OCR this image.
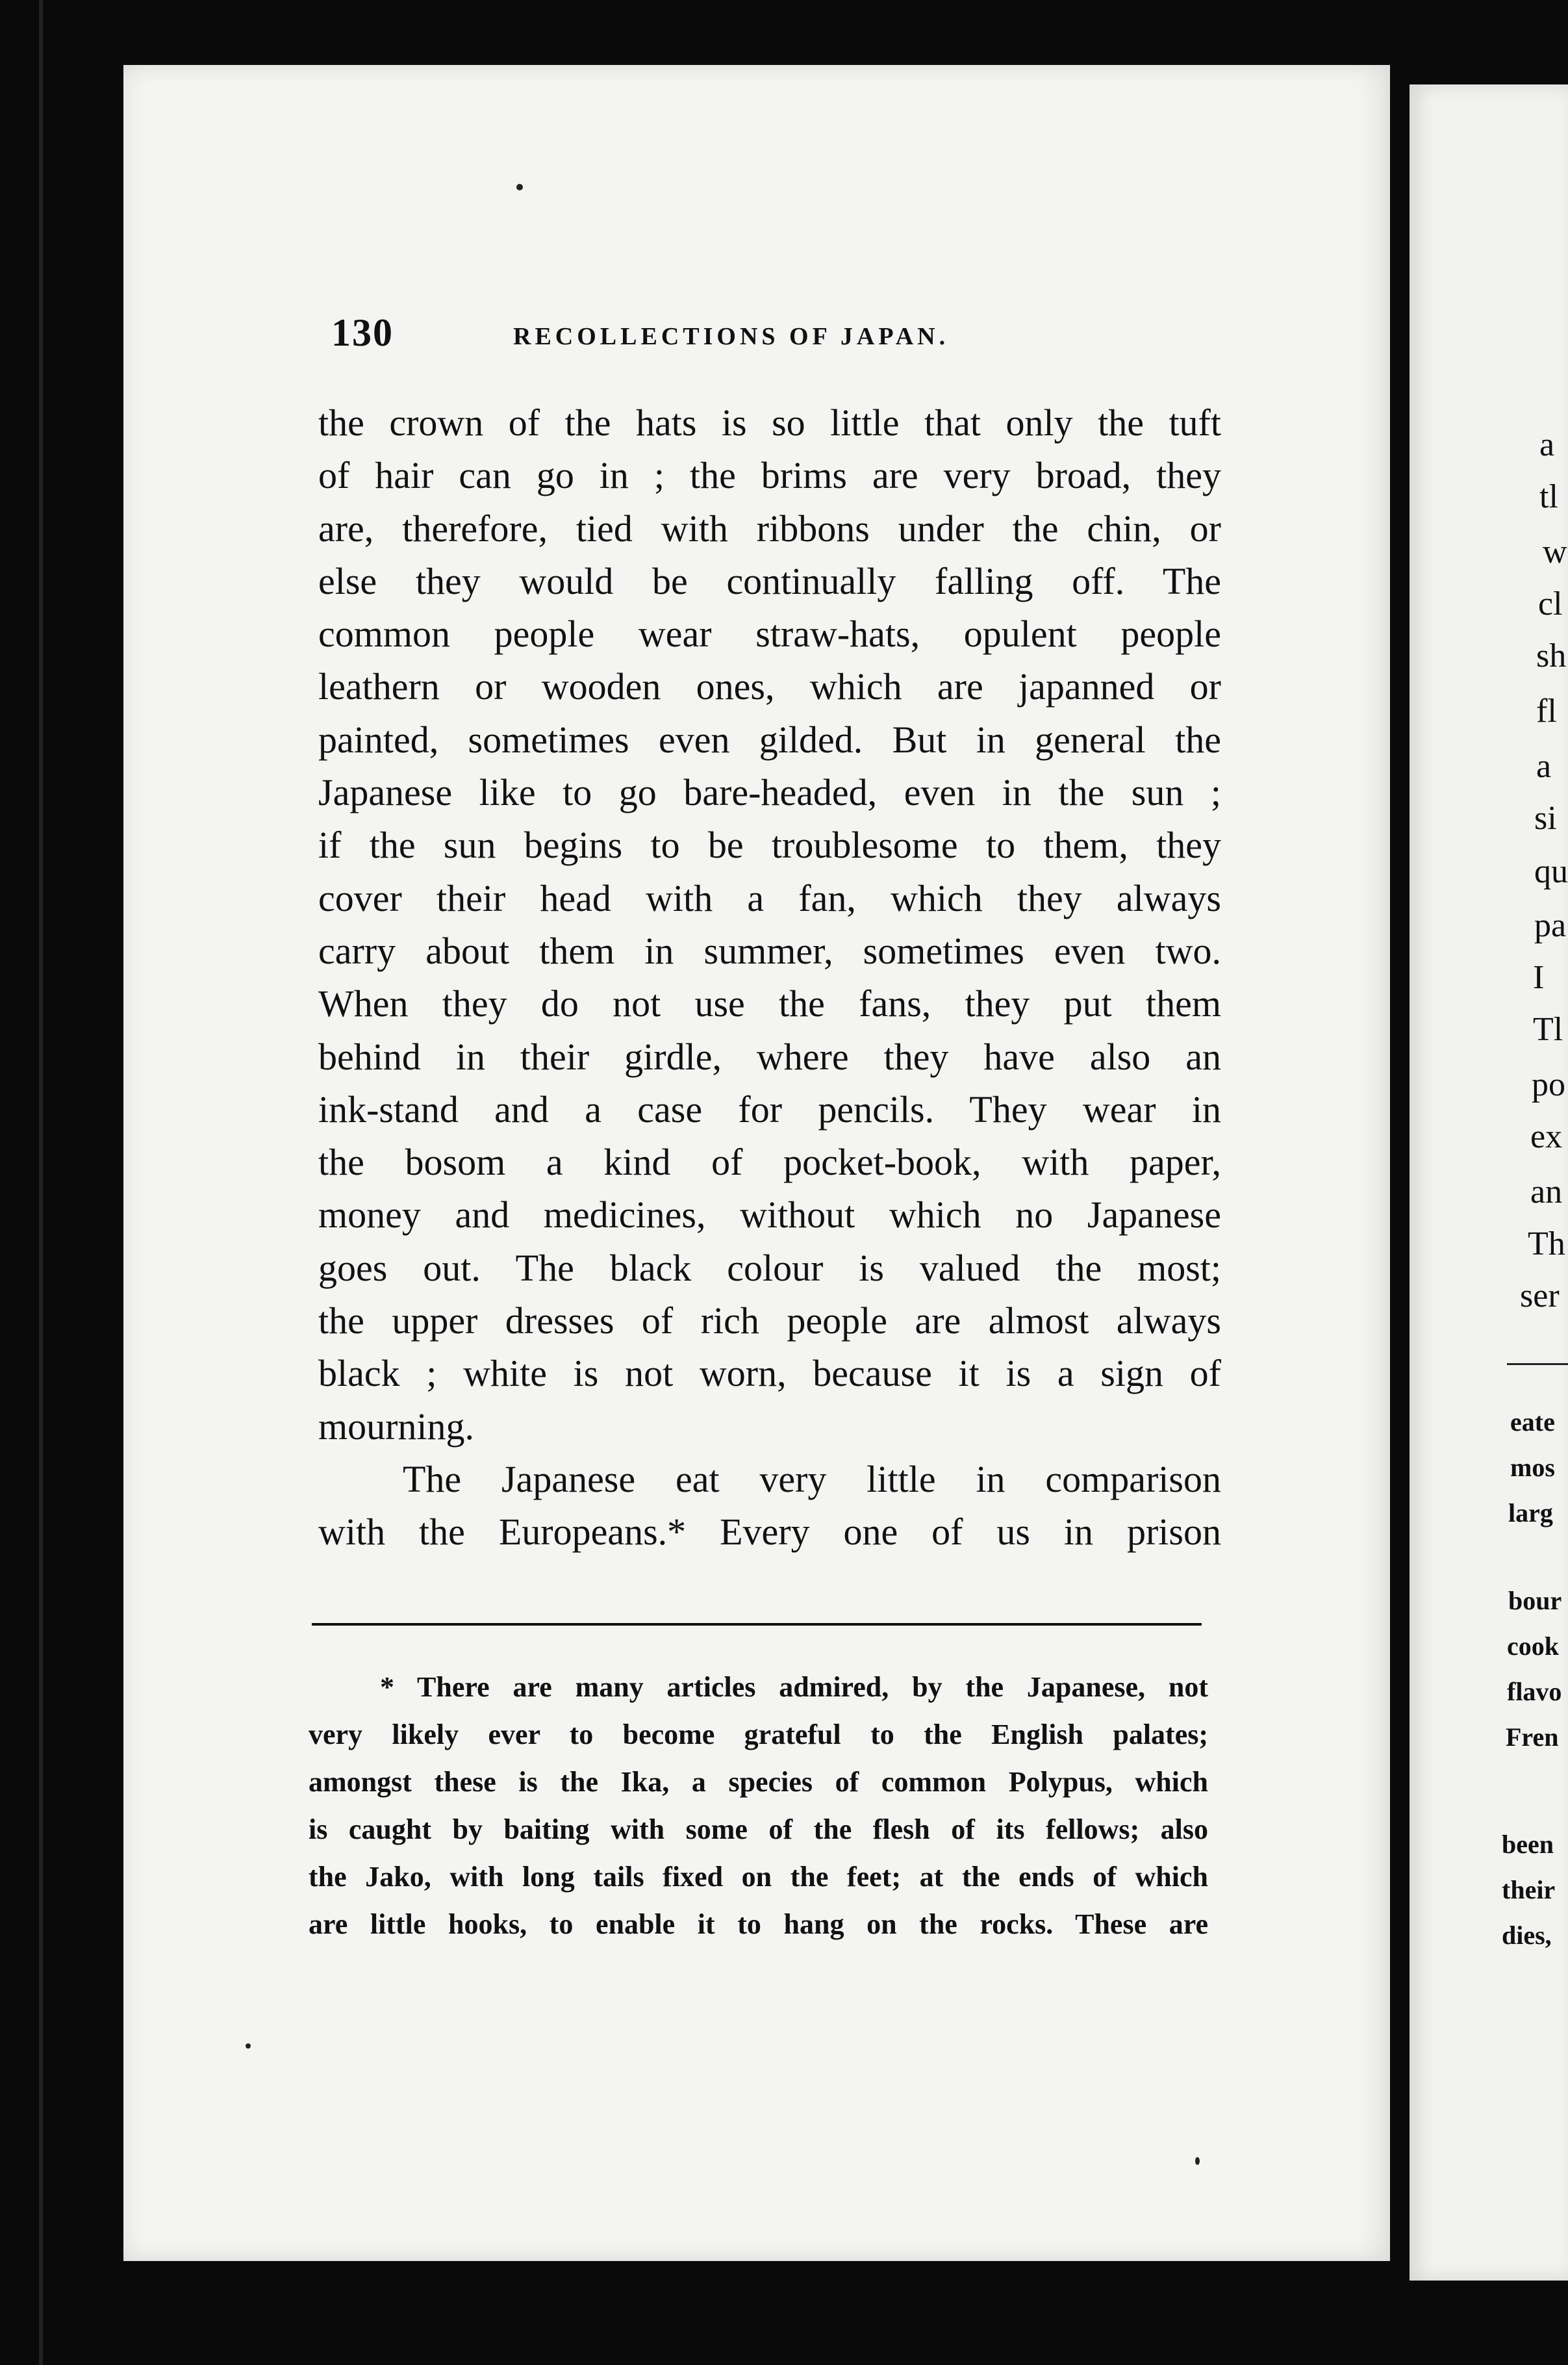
130	RECOLLECTIONS OF JAPAN.
the crown of the hats is so little that only the tuft
of hair can go in ; the brims are very broad, they
are, therefore, tied with ribbons under the chin, or
else they would be continually falling off. The
common people wear straw-hats, opulent people
leathern or wooden ones, which are japanned or
painted, sometimes even gilded. But in general the
Japanese like to go bare-headed, even in the sun ;
if the sun begins to be troublesome to them, they
cover their head with a fan, which they always
carry about them in summer, sometimes even two.
When they do not use the fans, they put them
behind in their girdle, where they have also an
ink-stand and a case for pencils. They wear in
the bosom a kind of pocket-book, with paper,
money and medicines, without which no Japanese
goes out. The black colour is valued the most;
the upper dresses of rich people are almost always
black ; white is not worn, because it is a sign of
mourning.
The Japanese eat very little in comparison
with the Europeans.* Every one of us in prison
* There are many articles admired, by the Japanese, not
very likely ever to become grateful to the English palates;
amongst these is the Ika, a species of common Polypus, which
is caught by baiting with some of the flesh of its fellows; also
the Jako, with long tails fixed on the feet; at the ends of which
are little hooks, to enable it to hang on the rocks. These are
a
tl
w
cl
sh
fl
a
si
qu
pa
I
Tl
po
ex
an
Th
ser
eate
mos
larg
bour
cook
flavo
Fren
been
their
dies,
